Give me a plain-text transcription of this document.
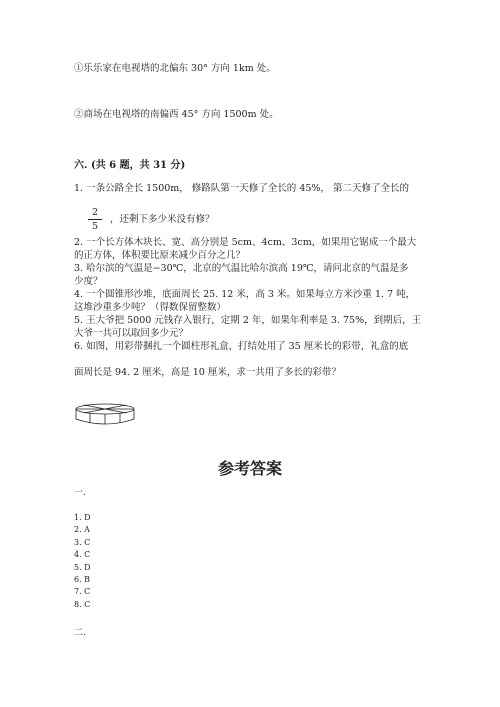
①乐乐家在电视塔的北偏东 30° 方向 1km 处。
②商场在电视塔的南偏西 45° 方向 1500m 处。
六. (共 6 题，共 31 分)
1. 一条公路全长 1500m， 修路队第一天修了全长的 45%， 第二天修了全长的
2
5
，还剩下多少米没有修？
2. 一个长方体木块长、宽、高分别是 5cm、4cm、3cm，如果用它锯成一个最大
的正方体，体积要比原来减少百分之几？
3. 哈尔滨的气温是−30℃，北京的气温比哈尔滨高 19℃，请问北京的气温是多
少度？
4. 一个圆锥形沙堆，底面周长 25. 12 米，高 3 米。如果每立方米沙重 1. 7 吨，
这堆沙重多少吨？（得数保留整数）
5. 王大爷把 5000 元钱存入银行，定期 2 年，如果年利率是 3. 75%，到期后，王
大爷一共可以取回多少元？
6. 如图，用彩带捆扎一个圆柱形礼盒，打结处用了 35 厘米长的彩带，礼盒的底
面周长是 94. 2 厘米，高是 10 厘米，求一共用了多长的彩带？
参考答案
一.
1. D
2. A
3. C
4. C
5. D
6. B
7. C
8. C
二.
